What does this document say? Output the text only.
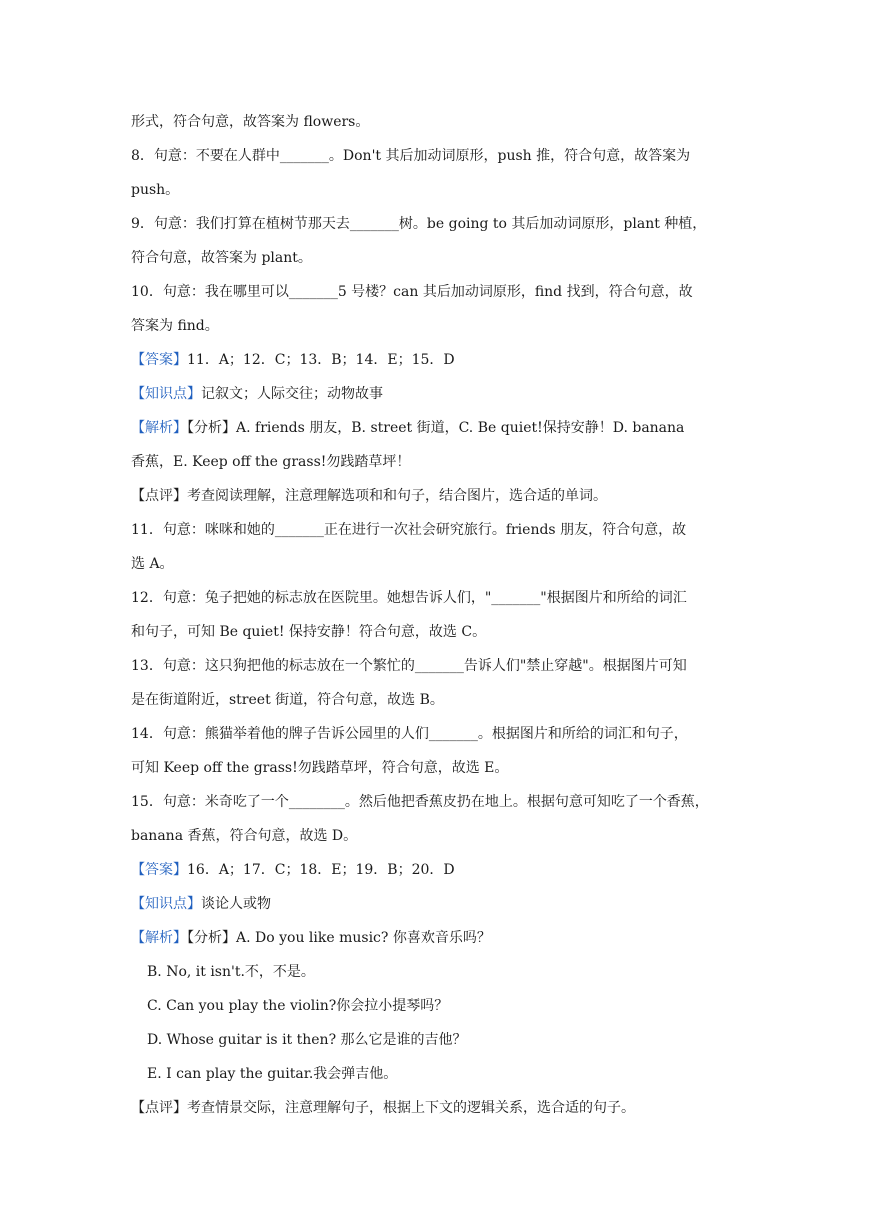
形式，符合句意，故答案为 flowers。
8．句意：不要在人群中_______。Don't 其后加动词原形，push 推，符合句意，故答案为
push。
9．句意：我们打算在植树节那天去_______树。be going to 其后加动词原形，plant 种植，
符合句意，故答案为 plant。
10．句意：我在哪里可以_______5 号楼？can 其后加动词原形，find 找到，符合句意，故
答案为 find。
【答案】11．A；12．C；13．B；14．E；15．D
【知识点】记叙文；人际交往；动物故事
【解析】【分析】A. friends 朋友，B. street 街道，C. Be quiet!保持安静！D. banana
香蕉，E. Keep off the grass!勿践踏草坪！
【点评】考查阅读理解，注意理解选项和和句子，结合图片，选合适的单词。
11．句意：咪咪和她的_______正在进行一次社会研究旅行。friends 朋友，符合句意，故
选 A。
12．句意：兔子把她的标志放在医院里。她想告诉人们，"_______"根据图片和所给的词汇
和句子，可知 Be quiet! 保持安静！符合句意，故选 C。
13．句意：这只狗把他的标志放在一个繁忙的_______告诉人们"禁止穿越"。根据图片可知
是在街道附近，street 街道，符合句意，故选 B。
14．句意：熊猫举着他的牌子告诉公园里的人们_______。根据图片和所给的词汇和句子，
可知 Keep off the grass!勿践踏草坪，符合句意，故选 E。
15．句意：米奇吃了一个________。然后他把香蕉皮扔在地上。根据句意可知吃了一个香蕉，
banana 香蕉，符合句意，故选 D。
【答案】16．A；17．C；18．E；19．B；20．D
【知识点】谈论人或物
【解析】【分析】A. Do you like music? 你喜欢音乐吗？
B. No, it isn't.不，不是。
C. Can you play the violin?你会拉小提琴吗？
D. Whose guitar is it then? 那么它是谁的吉他？
E. I can play the guitar.我会弹吉他。
【点评】考查情景交际，注意理解句子，根据上下文的逻辑关系，选合适的句子。
